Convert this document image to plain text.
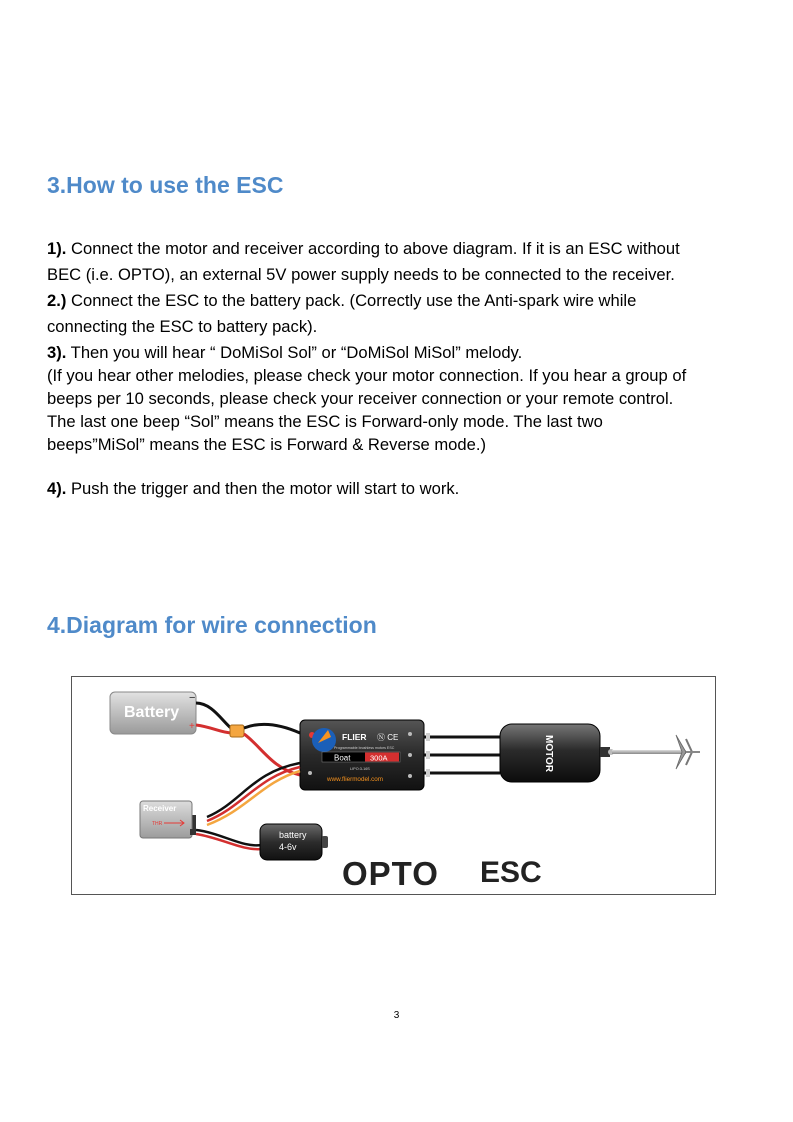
3.How to use the ESC
1). Connect the motor and receiver according to above diagram. If it is an ESC without
BEC (i.e. OPTO), an external 5V power supply needs to be connected to the receiver.
2.) Connect the ESC to the battery pack. (Correctly use the Anti-spark wire while
connecting the ESC to battery pack).
3). Then you will hear “ DoMiSol Sol” or “DoMiSol MiSol” melody.
(If you hear other melodies, please check your motor connection. If you hear a group of
beeps per 10 seconds, please check your receiver connection or your remote control.
The last one beep “Sol” means the ESC is Forward-only mode. The last two
beeps”MiSol” means the ESC is Forward & Reverse mode.)
4). Push the trigger and then the motor will start to work.
4.Diagram for wire connection
Battery
−
+
FLIER Ⓝ CE
Programmable brushless motors ESC
Boat	300A
LIPO:3-16S
www.fliermodel.com
MOTOR
Receiver
THR
battery
4-6v
OPTO ESC
3
